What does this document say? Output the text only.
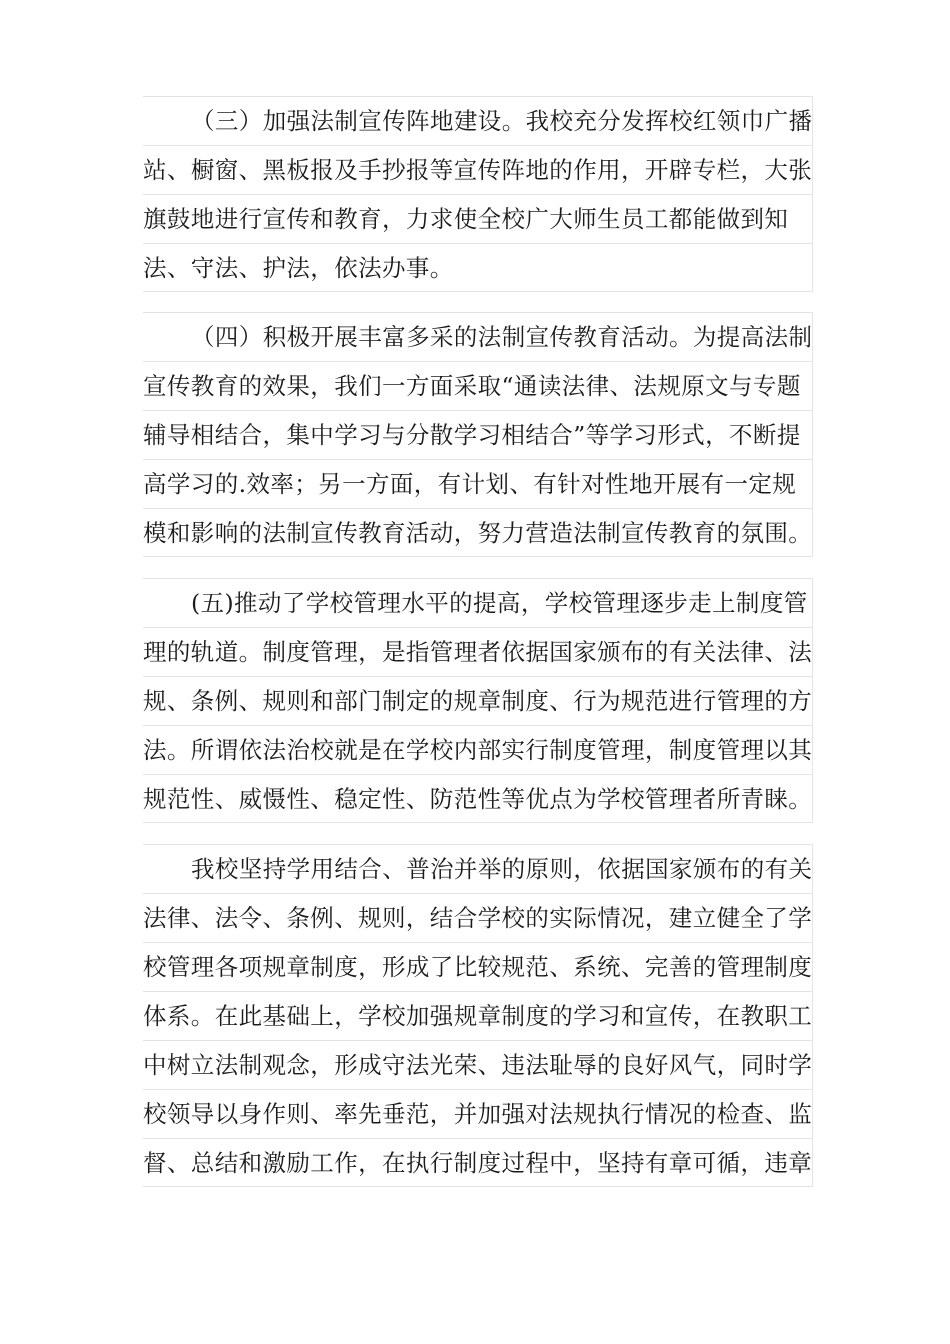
（三）加强法制宣传阵地建设。我校充分发挥校红领巾广播
站、橱窗、黑板报及手抄报等宣传阵地的作用，开辟专栏，大张
旗鼓地进行宣传和教育，力求使全校广大师生员工都能做到知
法、守法、护法，依法办事。
（四）积极开展丰富多采的法制宣传教育活动。为提高法制
宣传教育的效果，我们一方面采取“通读法律、法规原文与专题
辅导相结合，集中学习与分散学习相结合”等学习形式，不断提
高学习的.效率；另一方面，有计划、有针对性地开展有一定规
模和影响的法制宣传教育活动，努力营造法制宣传教育的氛围。
(五)推动了学校管理水平的提高，学校管理逐步走上制度管
理的轨道。制度管理，是指管理者依据国家颁布的有关法律、法
规、条例、规则和部门制定的规章制度、行为规范进行管理的方
法。所谓依法治校就是在学校内部实行制度管理，制度管理以其
规范性、威慑性、稳定性、防范性等优点为学校管理者所青睐。
我校坚持学用结合、普治并举的原则，依据国家颁布的有关
法律、法令、条例、规则，结合学校的实际情况，建立健全了学
校管理各项规章制度，形成了比较规范、系统、完善的管理制度
体系。在此基础上，学校加强规章制度的学习和宣传，在教职工
中树立法制观念，形成守法光荣、违法耻辱的良好风气，同时学
校领导以身作则、率先垂范，并加强对法规执行情况的检查、监
督、总结和激励工作，在执行制度过程中，坚持有章可循，违章
